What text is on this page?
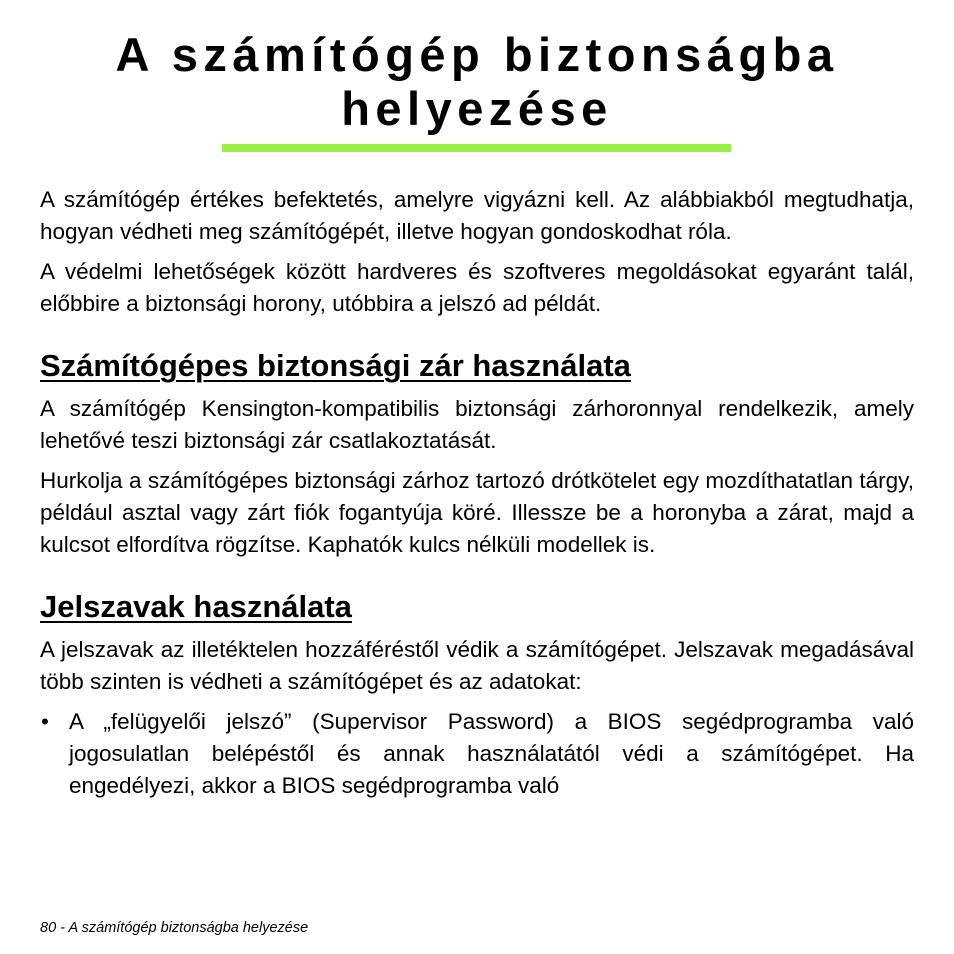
A számítógép biztonságba helyezése

A számítógép értékes befektetés, amelyre vigyázni kell. Az alábbiakból megtudhatja, hogyan védheti meg számítógépét, illetve hogyan gondoskodhat róla.

A védelmi lehetőségek között hardveres és szoftveres megoldásokat egyaránt talál, előbbire a biztonsági horony, utóbbira a jelszó ad példát.

Számítógépes biztonsági zár használata

A számítógép Kensington-kompatibilis biztonsági zárhoronnyal rendelkezik, amely lehetővé teszi biztonsági zár csatlakoztatását.

Hurkolja a számítógépes biztonsági zárhoz tartozó drótkötelet egy mozdíthatatlan tárgy, például asztal vagy zárt fiók fogantyúja köré. Illessze be a horonyba a zárat, majd a kulcsot elfordítva rögzítse. Kaphatók kulcs nélküli modellek is.

Jelszavak használata

A jelszavak az illetéktelen hozzáféréstől védik a számítógépet. Jelszavak megadásával több szinten is védheti a számítógépet és az adatokat:

• A „felügyelői jelszó” (Supervisor Password) a BIOS segédprogramba való jogosulatlan belépéstől és annak használatától védi a számítógépet. Ha engedélyezi, akkor a BIOS segédprogramba való
80 - A számítógép biztonságba helyezése
